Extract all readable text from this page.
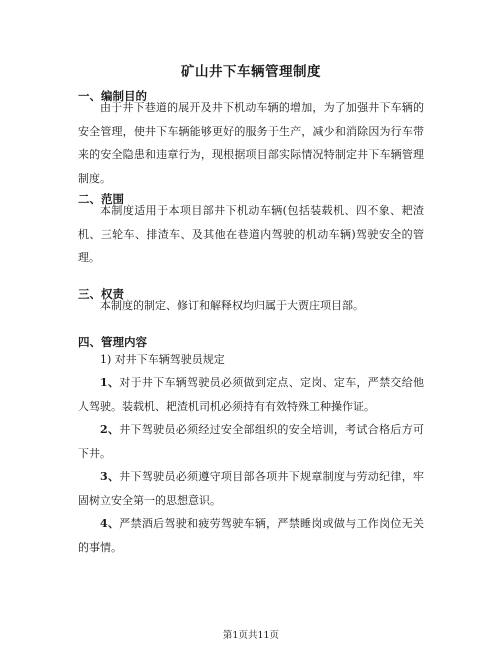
矿山井下车辆管理制度
一、编制目的
由于井下巷道的展开及井下机动车辆的增加，为了加强井下车辆的安全管理，使井下车辆能够更好的服务于生产，减少和消除因为行车带来的安全隐患和违章行为，现根据项目部实际情况特制定井下车辆管理制度。
二、范围
本制度适用于本项目部井下机动车辆(包括装载机、四不象、耙渣机、三轮车、排渣车、及其他在巷道内驾驶的机动车辆)驾驶安全的管理。
三、权责
本制度的制定、修订和解释权均归属于大贾庄项目部。
四、管理内容
1) 对井下车辆驾驶员规定
1、对于井下车辆驾驶员必须做到定点、定岗、定车，严禁交给他人驾驶。装载机、耙渣机司机必须持有有效特殊工种操作证。
2、井下驾驶员必须经过安全部组织的安全培训，考试合格后方可下井。
3、井下驾驶员必须遵守项目部各项井下规章制度与劳动纪律，牢固树立安全第一的思想意识。
4、严禁酒后驾驶和疲劳驾驶车辆，严禁睡岗或做与工作岗位无关的事情。
第1页共11页
